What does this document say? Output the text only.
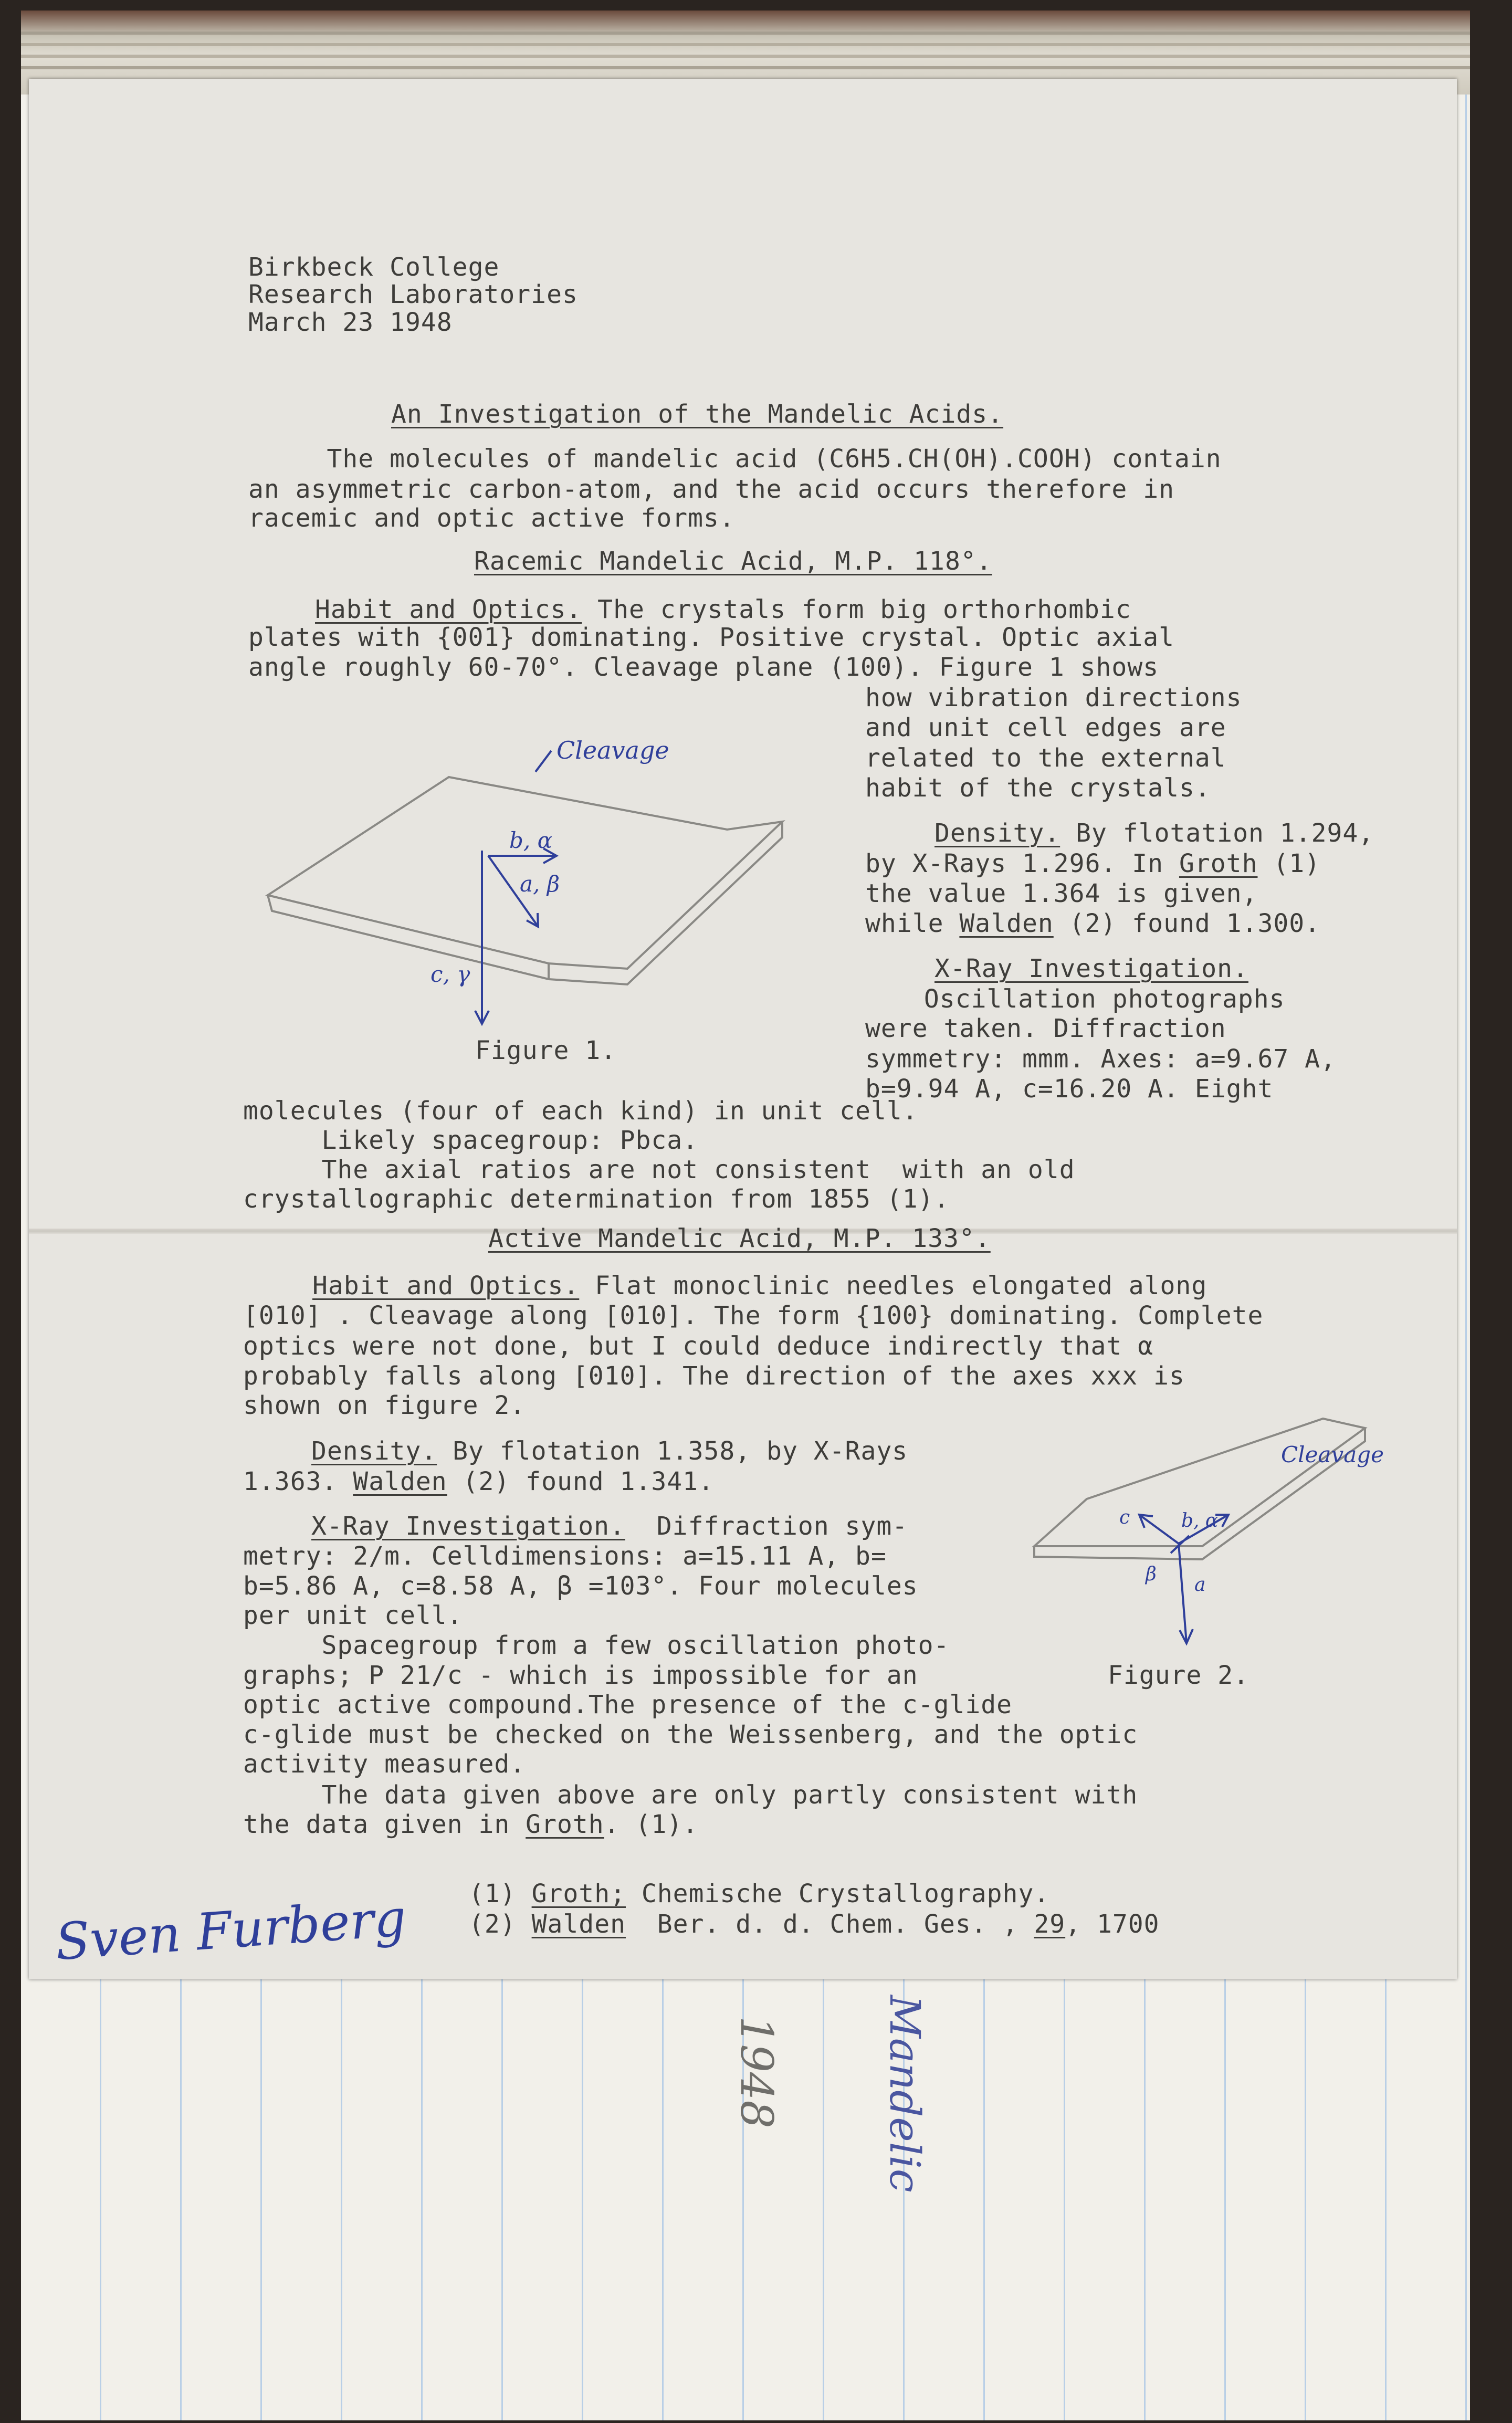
Birkbeck College
Research Laboratories
March 23 1948
An Investigation of the Mandelic Acids.
The molecules of mandelic acid (C6H5.CH(OH).COOH) contain
an asymmetric carbon-atom, and the acid occurs therefore in
racemic and optic active forms.
Racemic Mandelic Acid, M.P. 118°.
Habit and Optics. The crystals form big orthorhombic
plates with {001} dominating. Positive crystal. Optic axial
angle roughly 60-70°. Cleavage plane (100). Figure 1 shows
how vibration directions
and unit cell edges are
related to the external
habit of the crystals.
Density. By flotation 1.294,
by X-Rays 1.296. In Groth (1)
the value 1.364 is given,
while Walden (2) found 1.300.
X-Ray Investigation.
Oscillation photographs
were taken. Diffraction
symmetry: mmm. Axes: a=9.67 A,
b=9.94 A, c=16.20 A. Eight
Cleavage
b, α
a, β
c, γ
Figure 1.
molecules (four of each kind) in unit cell.
Likely spacegroup: Pbca.
The axial ratios are not consistent  with an old
crystallographic determination from 1855 (1).
Active Mandelic Acid, M.P. 133°.
Habit and Optics. Flat monoclinic needles elongated along
[010] . Cleavage along [010]. The form {100} dominating. Complete
optics were not done, but I could deduce indirectly that α
probably falls along [010]. The direction of the axes xxx is
shown on figure 2.
Density. By flotation 1.358, by X-Rays
1.363. Walden (2) found 1.341.
X-Ray Investigation.  Diffraction sym-
metry: 2/m. Celldimensions: a=15.11 A, b=
b=5.86 A, c=8.58 A, β =103°. Four molecules
per unit cell.
Spacegroup from a few oscillation photo-
graphs; P 21/c - which is impossible for an
optic active compound.The presence of the c-glide
c-glide must be checked on the Weissenberg, and the optic
activity measured.
The data given above are only partly consistent with
the data given in Groth. (1).
Cleavage
c	b, α
β a
Figure 2.
(1) Groth; Chemische Crystallography.
(2) Walden  Ber. d. d. Chem. Ges. , 29, 1700
Sven Furberg
1948 Mandelic
